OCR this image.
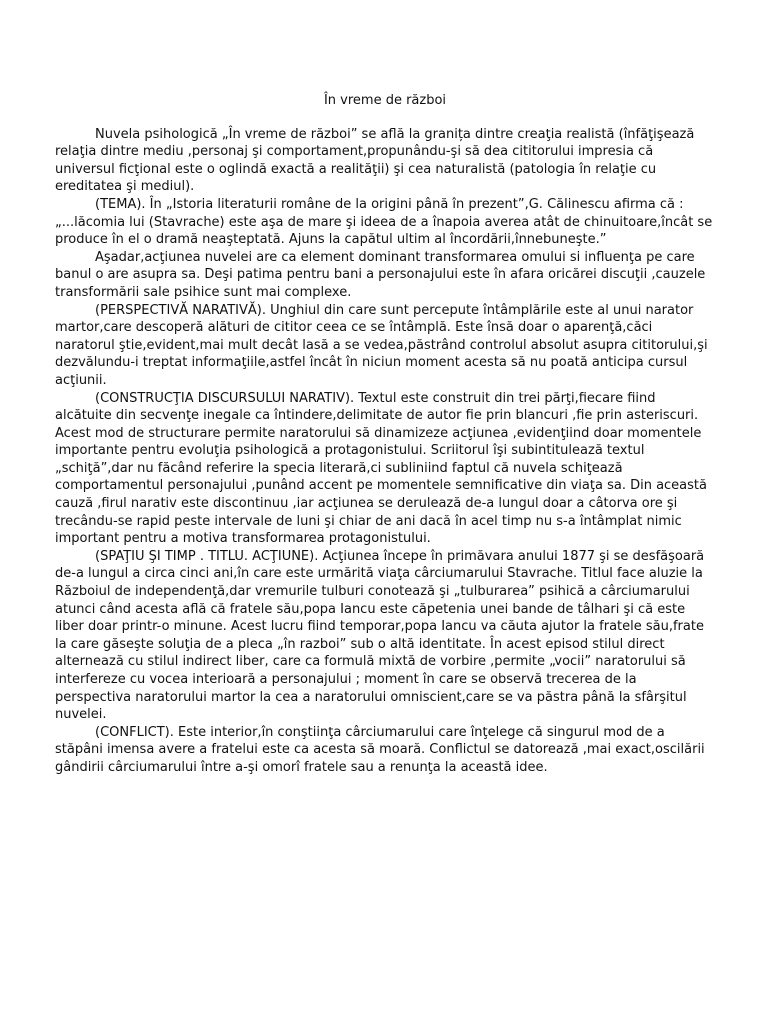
În vreme de război

Nuvela psihologică „În vreme de război” se află la granița dintre creaţia realistă (înfăţişează relaţia dintre mediu ,personaj şi comportament,propunându-şi să dea cititorului impresia că universul ficţional este o oglindă exactă a realităţii) şi cea naturalistă (patologia în relaţie cu ereditatea şi mediul).

(TEMA). În „Istoria literaturii române de la origini până în prezent”,G. Călinescu afirma că : „...lăcomia lui (Stavrache) este aşa de mare şi ideea de a înapoia averea atât de chinuitoare,încât se produce în el o dramă neaşteptată. Ajuns la capătul ultim al încordării,înnebuneşte.”

Aşadar,acţiunea nuvelei are ca element dominant transformarea omului si influenţa pe care banul o are asupra sa. Deşi patima pentru bani a personajului este în afara oricărei discuţii ,cauzele transformării sale psihice sunt mai complexe.

(PERSPECTIVĂ NARATIVĂ). Unghiul din care sunt percepute întâmplările este al unui narator martor,care descoperă alături de cititor ceea ce se întâmplă. Este însă doar o aparenţă,căci naratorul ştie,evident,mai mult decât lasă a se vedea,păstrând controlul absolut asupra cititorului,şi dezvălundu-i treptat informaţiile,astfel încât în niciun moment acesta să nu poată anticipa cursul acţiunii.

(CONSTRUCŢIA DISCURSULUI NARATIV). Textul este construit din trei părţi,fiecare fiind alcătuite din secvenţe inegale ca întindere,delimitate de autor fie prin blancuri ,fie prin asteriscuri. Acest mod de structurare permite naratorului să dinamizeze acţiunea ,evidenţiind doar momentele importante pentru evoluţia psihologică a protagonistului. Scriitorul îşi subintitulează textul „schiţă”,dar nu făcând referire la specia literară,ci subliniind faptul că nuvela schiţează comportamentul personajului ,punând accent pe momentele semnificative din viaţa sa. Din această cauză ,firul narativ este discontinuu ,iar acţiunea se derulează de-a lungul doar a câtorva ore şi trecându-se rapid peste intervale de luni şi chiar de ani dacă în acel timp nu s-a întâmplat nimic important pentru a motiva transformarea protagonistului.

(SPAŢIU ŞI TIMP . TITLU. ACŢIUNE). Acţiunea începe în primăvara anului 1877 şi se desfăşoară de-a lungul a circa cinci ani,în care este urmărită viaţa cârciumarului Stavrache. Titlul face aluzie la Războiul de independenţă,dar vremurile tulburi conotează şi „tulburarea” psihică a cârciumarului atunci când acesta află că fratele său,popa Iancu este căpetenia unei bande de tâlhari şi că este liber doar printr-o minune. Acest lucru fiind temporar,popa Iancu va căuta ajutor la fratele său,frate la care găseşte soluţia de a pleca „în razboi” sub o altă identitate. În acest episod stilul direct alternează cu stilul indirect liber, care ca formulă mixtă de vorbire ,permite „vocii” naratorului să interfereze cu vocea interioară a personajului ; moment în care se observă trecerea de la perspectiva naratorului martor la cea a naratorului omniscient,care se va păstra până la sfârşitul nuvelei.

(CONFLICT). Este interior,în conştiinţa cârciumarului care înţelege că singurul mod de a stăpâni imensa avere a fratelui este ca acesta să moară. Conflictul se datorează ,mai exact,oscilării gândirii cârciumarului între a-şi omorî fratele sau a renunţa la această idee.
